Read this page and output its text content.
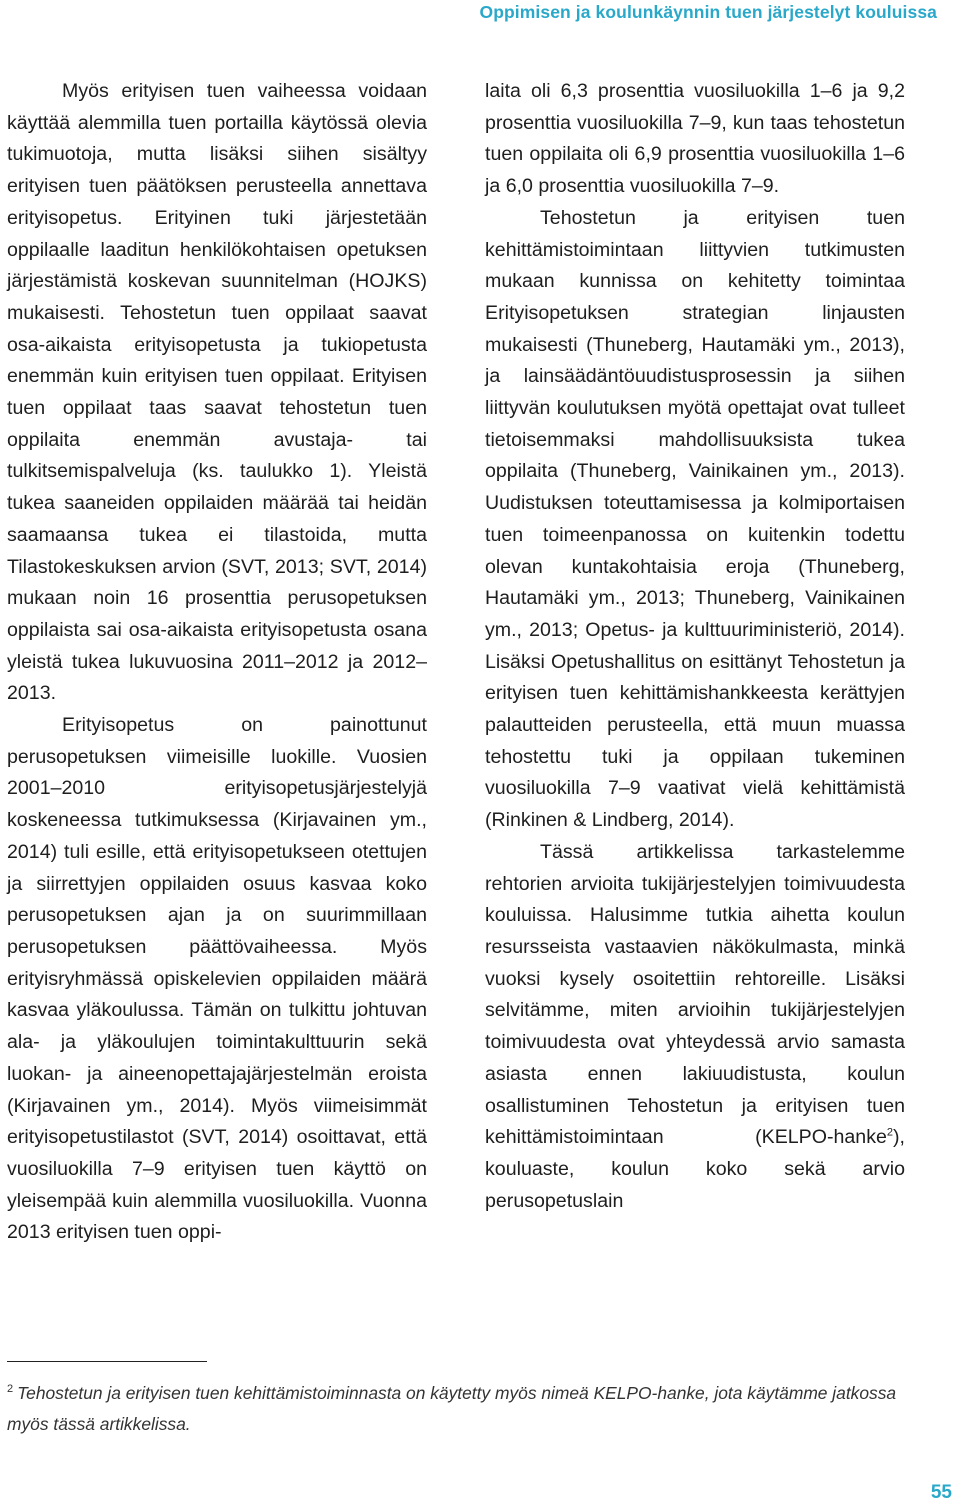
Oppimisen ja koulunkäynnin tuen järjestelyt kouluissa

Myös erityisen tuen vaiheessa voidaan käyttää alemmilla tuen portailla käytössä olevia tukimuotoja, mutta lisäksi siihen sisältyy erityisen tuen päätöksen perusteella annettava erityisopetus. Erityinen tuki järjestetään oppilaalle laaditun henkilökohtaisen opetuksen järjestämistä koskevan suunnitelman (HOJKS) mukaisesti. Tehostetun tuen oppilaat saavat osa-aikaista erityisopetusta ja tukiopetusta enemmän kuin erityisen tuen oppilaat. Erityisen tuen oppilaat taas saavat tehostetun tuen oppilaita enemmän avustaja- tai tulkitsemispalveluja (ks. taulukko 1). Yleistä tukea saaneiden oppilaiden määrää tai heidän saamaansa tukea ei tilastoida, mutta Tilastokeskuksen arvion (SVT, 2013; SVT, 2014) mukaan noin 16 prosenttia perusopetuksen oppilaista sai osa-aikaista erityisopetusta osana yleistä tukea lukuvuosina 2011–2012 ja 2012–2013.

Erityisopetus on painottunut perusopetuksen viimeisille luokille. Vuosien 2001–2010 erityisopetusjärjestelyjä koskeneessa tutkimuksessa (Kirjavainen ym., 2014) tuli esille, että erityisopetukseen otettujen ja siirrettyjen oppilaiden osuus kasvaa koko perusopetuksen ajan ja on suurimmillaan perusopetuksen päättövaiheessa. Myös erityisryhmässä opiskelevien oppilaiden määrä kasvaa yläkoulussa. Tämän on tulkittu johtuvan ala- ja yläkoulujen toimintakulttuurin sekä luokan- ja aineenopettajajärjestelmän eroista (Kirjavainen ym., 2014). Myös viimeisimmät erityisopetustilastot (SVT, 2014) osoittavat, että vuosiluokilla 7–9 erityisen tuen käyttö on yleisempää kuin alemmilla vuosiluokilla. Vuonna 2013 erityisen tuen oppi-

laita oli 6,3 prosenttia vuosiluokilla 1–6 ja 9,2 prosenttia vuosiluokilla 7–9, kun taas tehostetun tuen oppilaita oli 6,9 prosenttia vuosiluokilla 1–6 ja 6,0 prosenttia vuosiluokilla 7–9.

Tehostetun ja erityisen tuen kehittämistoimintaan liittyvien tutkimusten mukaan kunnissa on kehitetty toimintaa Erityisopetuksen strategian linjausten mukaisesti (Thuneberg, Hautamäki ym., 2013), ja lainsäädäntöuudistusprosessin ja siihen liittyvän koulutuksen myötä opettajat ovat tulleet tietoisemmaksi mahdollisuuksista tukea oppilaita (Thuneberg, Vainikainen ym., 2013). Uudistuksen toteuttamisessa ja kolmiportaisen tuen toimeenpanossa on kuitenkin todettu olevan kuntakohtaisia eroja (Thuneberg, Hautamäki ym., 2013; Thuneberg, Vainikainen ym., 2013; Opetus- ja kulttuuriministeriö, 2014). Lisäksi Opetushallitus on esittänyt Tehostetun ja erityisen tuen kehittämishankkeesta kerättyjen palautteiden perusteella, että muun muassa tehostettu tuki ja oppilaan tukeminen vuosiluokilla 7–9 vaativat vielä kehittämistä (Rinkinen & Lindberg, 2014).

Tässä artikkelissa tarkastelemme rehtorien arvioita tukijärjestelyjen toimivuudesta kouluissa. Halusimme tutkia aihetta koulun resursseista vastaavien näkökulmasta, minkä vuoksi kysely osoitettiin rehtoreille. Lisäksi selvitämme, miten arvioihin tukijärjestelyjen toimivuudesta ovat yhteydessä arvio samasta asiasta ennen lakiuudistusta, koulun osallistuminen Tehostetun ja erityisen tuen kehittämistoimintaan (KELPO-hanke$^2$), kouluaste, koulun koko sekä arvio perusopetuslain

$^2$ Tehostetun ja erityisen tuen kehittämistoiminnasta on käytetty myös nimeä KELPO-hanke, jota käytämme jatkossa myös tässä artikkelissa.
55
